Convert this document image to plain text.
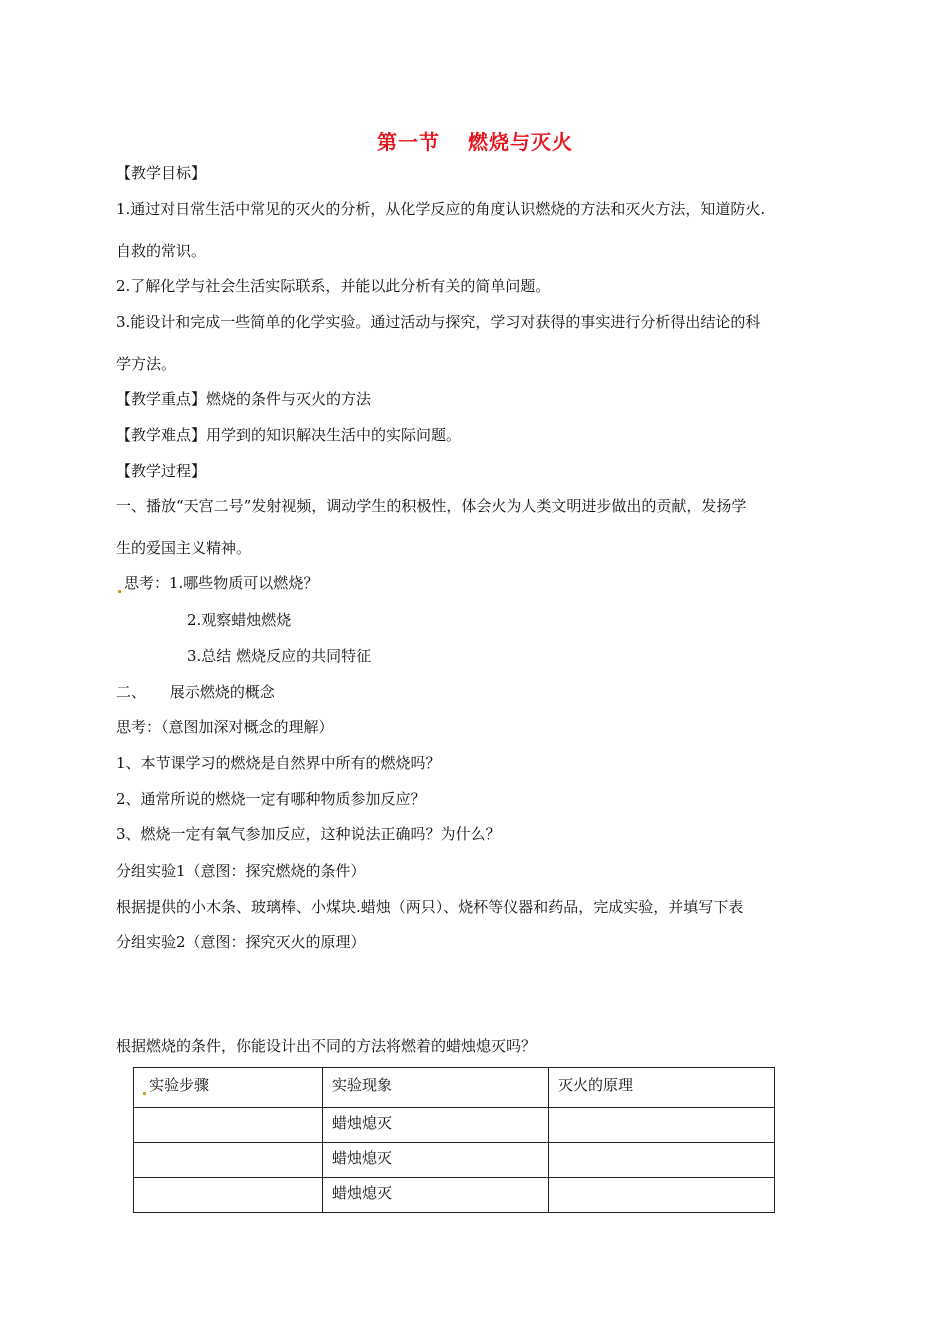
第一节 燃烧与灭火
【教学目标】
1.通过对日常生活中常见的灭火的分析，从化学反应的角度认识燃烧的方法和灭火方法，知道防火.
自救的常识。
2.了解化学与社会生活实际联系，并能以此分析有关的简单问题。
3.能设计和完成一些简单的化学实验。通过活动与探究，学习对获得的事实进行分析得出结论的科
学方法。
【教学重点】燃烧的条件与灭火的方法
【教学难点】用学到的知识解决生活中的实际问题。
【教学过程】
一、播放“天宫二号”发射视频，调动学生的积极性，体会火为人类文明进步做出的贡献，发扬学
生的爱国主义精神。
思考：1.哪些物质可以燃烧？
2.观察蜡烛燃烧
3.总结 燃烧反应的共同特征
二、     展示燃烧的概念
思考：（意图加深对概念的理解）
1、本节课学习的燃烧是自然界中所有的燃烧吗？
2、通常所说的燃烧一定有哪种物质参加反应？
3、燃烧一定有氧气参加反应，这种说法正确吗？为什么？
分组实验1（意图：探究燃烧的条件）
根据提供的小木条、玻璃棒、小煤块.蜡烛（两只）、烧杯等仪器和药品，完成实验，并填写下表
分组实验2（意图：探究灭火的原理）
根据燃烧的条件，你能设计出不同的方法将燃着的蜡烛熄灭吗？
实验步骤	实验现象	灭火的原理
	蜡烛熄灭	
	蜡烛熄灭	
	蜡烛熄灭	
